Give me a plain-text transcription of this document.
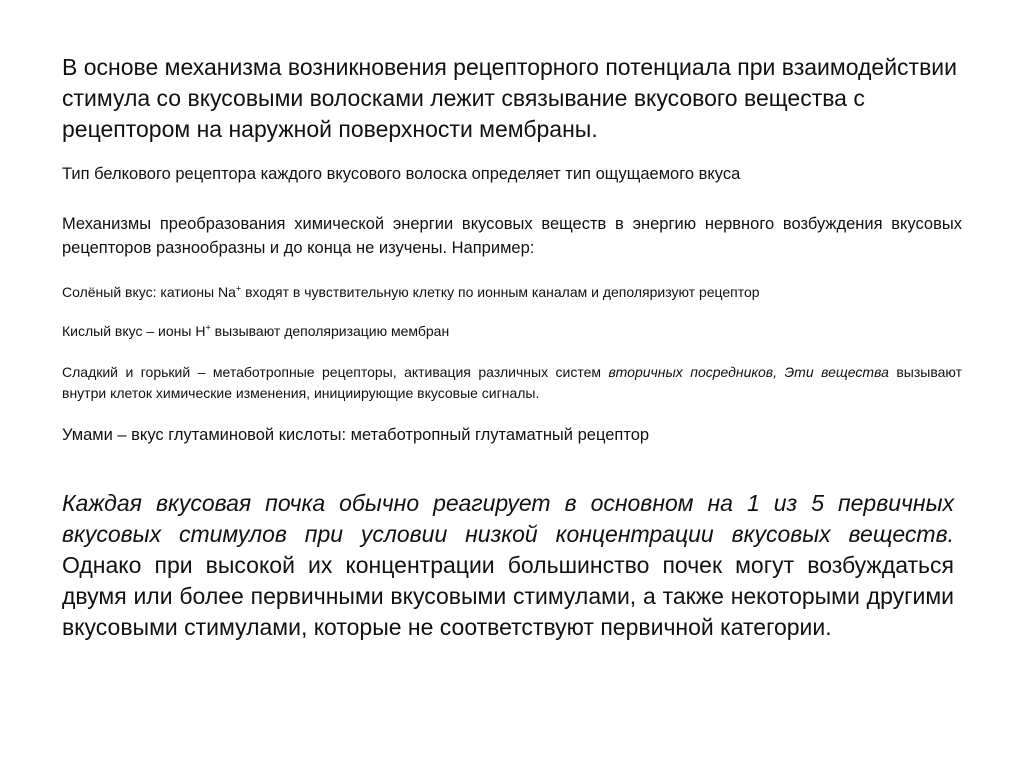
В основе механизма возникновения рецепторного потенциала при взаимодействии стимула со вкусовыми волосками лежит связывание вкусового вещества с рецептором на наружной поверхности мембраны.

Тип белкового рецептора каждого вкусового волоска определяет тип ощущаемого вкуса

Механизмы преобразования химической энергии вкусовых веществ в энергию нервного возбуждения вкусовых рецепторов разнообразны и до конца не изучены. Например:

Солёный вкус: катионы Na+ входят в чувствительную клетку по ионным каналам и деполяризуют рецептор

Кислый вкус – ионы Н+ вызывают деполяризацию мембран

Сладкий и горький – метаботропные рецепторы, активация различных систем вторичных посредников, Эти вещества вызывают внутри клеток химические изменения, инициирующие вкусовые сигналы.

Умами – вкус глутаминовой кислоты: метаботропный глутаматный рецептор

Каждая вкусовая почка обычно реагирует в основном на 1 из 5 первичных вкусовых стимулов при условии низкой концентрации вкусовых веществ. Однако при высокой их концентрации большинство почек могут возбуждаться двумя или более первичными вкусовыми стимулами, а также некоторыми другими вкусовыми стимулами, которые не соответствуют первичной категории.
